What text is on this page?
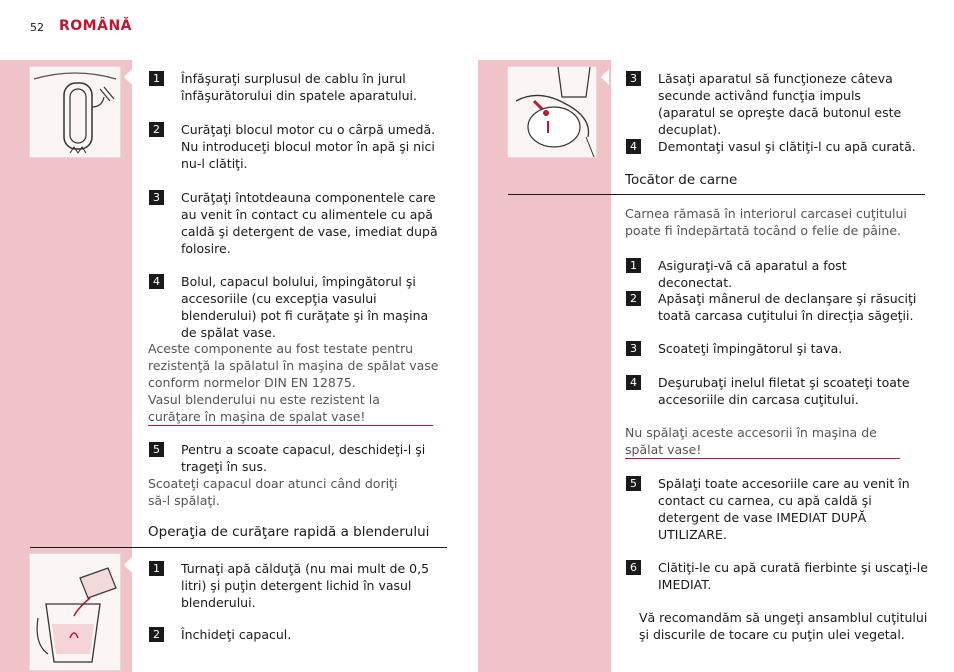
52 ROMÂNĂ
1	Înfăşuraţi surplusul de cablu în jurul înfăşurătorului din spatele aparatului.
2	Curăţaţi blocul motor cu o cârpă umedă. Nu introduceţi blocul motor în apă şi nici nu-l clătiţi.
3	Curăţaţi întotdeauna componentele care au venit în contact cu alimentele cu apă caldă şi detergent de vase, imediat după folosire.
4	Bolul, capacul bolului, împingătorul şi accesoriile (cu excepţia vasului blenderului) pot fi curăţate şi în maşina de spălat vase.
Aceste componente au fost testate pentru rezistenţă la spălatul în maşina de spălat vase conform normelor DIN EN 12875.
Vasul blenderului nu este rezistent la curăţare în maşina de spalat vase!
5	Pentru a scoate capacul, deschideţi-l şi trageţi în sus.
Scoateţi capacul doar atunci când doriţi să-l spălaţi.
Operaţia de curăţare rapidă a blenderului
1	Turnaţi apă călduţă (nu mai mult de 0,5 litri) şi puţin detergent lichid în vasul blenderului.
2	Închideţi capacul.
3	Lăsaţi aparatul să funcţioneze câteva secunde activând funcţia impuls (aparatul se opreşte dacă butonul este decuplat).
4	Demontaţi vasul şi clătiţi-l cu apă curată.
Tocător de carne
Carnea rămasă în interiorul carcasei cuţitului poate fi îndepărtată tocând o felie de pâine.
1	Asiguraţi-vă că aparatul a fost deconectat.
2	Apăsaţi mânerul de declanşare şi răsuciţi toată carcasa cuţitului în direcţia săgeţii.
3	Scoateţi împingătorul şi tava.
4	Deşurubaţi inelul filetat şi scoateţi toate accesoriile din carcasa cuţitului.
Nu spălaţi aceste accesorii în maşina de spălat vase!
5	Spălaţi toate accesoriile care au venit în contact cu carnea, cu apă caldă şi detergent de vase IMEDIAT DUPĂ UTILIZARE.
6	Clătiţi-le cu apă curată fierbinte şi uscaţi-le IMEDIAT.
Vă recomandăm să ungeţi ansamblul cuţitului şi discurile de tocare cu puţin ulei vegetal.
